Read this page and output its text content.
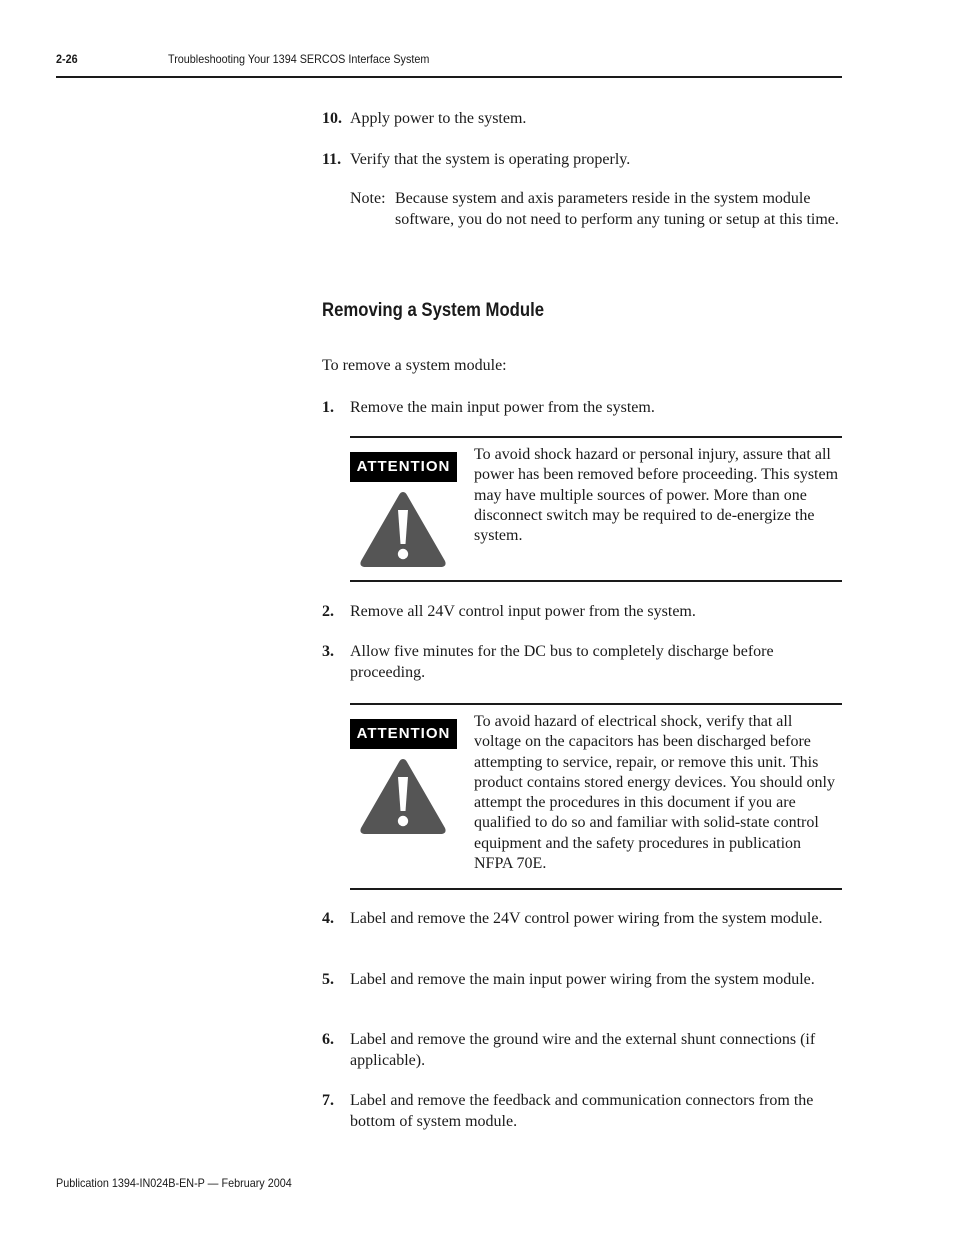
2-26	Troubleshooting Your 1394 SERCOS Interface System
10. Apply power to the system.
11. Verify that the system is operating properly.
Note: Because system and axis parameters reside in the system module software, you do not need to perform any tuning or setup at this time.
Removing a System Module
To remove a system module:
1. Remove the main input power from the system.
ATTENTION
To avoid shock hazard or personal injury, assure that all power has been removed before proceeding. This system may have multiple sources of power. More than one disconnect switch may be required to de-energize the system.
2. Remove all 24V control input power from the system.
3. Allow five minutes for the DC bus to completely discharge before proceeding.
ATTENTION
To avoid hazard of electrical shock, verify that all voltage on the capacitors has been discharged before attempting to service, repair, or remove this unit. This product contains stored energy devices. You should only attempt the procedures in this document if you are qualified to do so and familiar with solid-state control equipment and the safety procedures in publication NFPA 70E.
4. Label and remove the 24V control power wiring from the system module.
5. Label and remove the main input power wiring from the system module.
6. Label and remove the ground wire and the external shunt connections (if applicable).
7. Label and remove the feedback and communication connectors from the bottom of system module.
Publication 1394-IN024B-EN-P — February 2004
